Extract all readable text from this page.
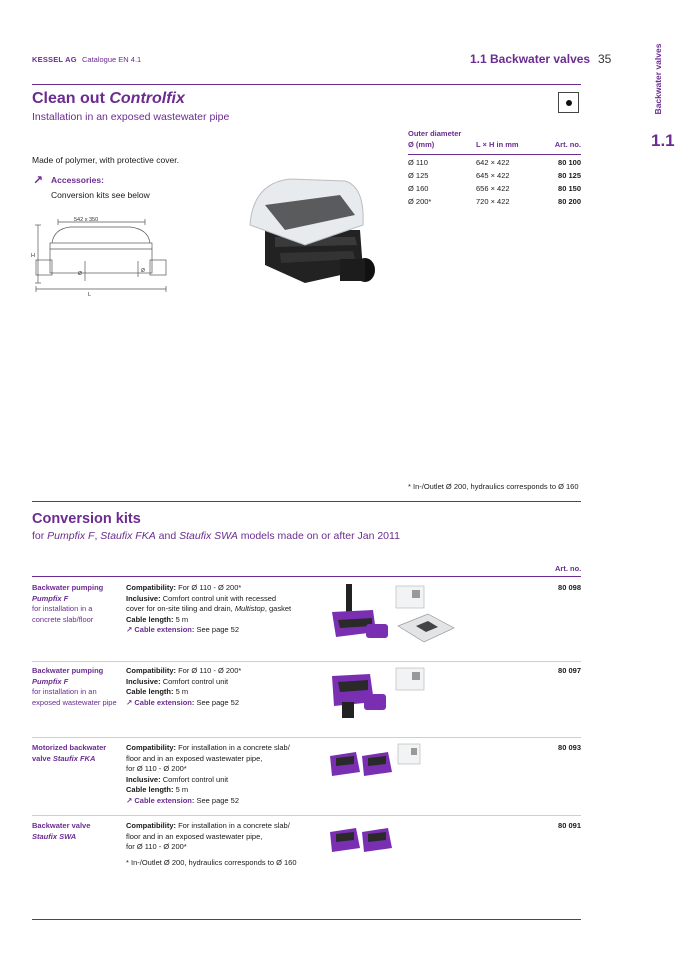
KESSEL AG Catalogue EN 4.1	1.1 Backwater valves 35	Backwater valves
1.1
Clean out Controlfix
Installation in an exposed wastewater pipe
Made of polymer, with protective cover.
↗ Accessories:
Conversion kits see below
542 x 350
H
L
Ø	Ø
Outer diameter
Ø (mm)	L × H in mm	Art. no.
Ø 110	642 × 422	80 100
Ø 125	645 × 422	80 125
Ø 160	656 × 422	80 150
Ø 200*	720 × 422	80 200
* In-/Outlet Ø 200, hydraulics corresponds to Ø 160
Conversion kits
for Pumpfix F, Staufix FKA and Staufix SWA models made on or after Jan 2011
Art. no.
Backwater pumping
Pumpfix F
for installation in a concrete slab/floor
Compatibility: For Ø 110 - Ø 200*
Inclusive: Comfort control unit with recessed
cover for on-site tiling and drain, Multistop, gasket
Cable length: 5 m
↗ Cable extension: See page 52
80 098
Backwater pumping
Pumpfix F
for installation in an exposed wastewater pipe
Compatibility: For Ø 110 - Ø 200*
Inclusive: Comfort control unit
Cable length: 5 m
↗ Cable extension: See page 52
80 097
Motorized backwater
valve Staufix FKA
Compatibility: For installation in a concrete slab/
floor and in an exposed wastewater pipe,
for Ø 110 - Ø 200*
Inclusive: Comfort control unit
Cable length: 5 m
↗ Cable extension: See page 52
80 093
Backwater valve
Staufix SWA
Compatibility: For installation in a concrete slab/
floor and in an exposed wastewater pipe,
for Ø 110 - Ø 200*
* In-/Outlet Ø 200, hydraulics corresponds to Ø 160
80 091
